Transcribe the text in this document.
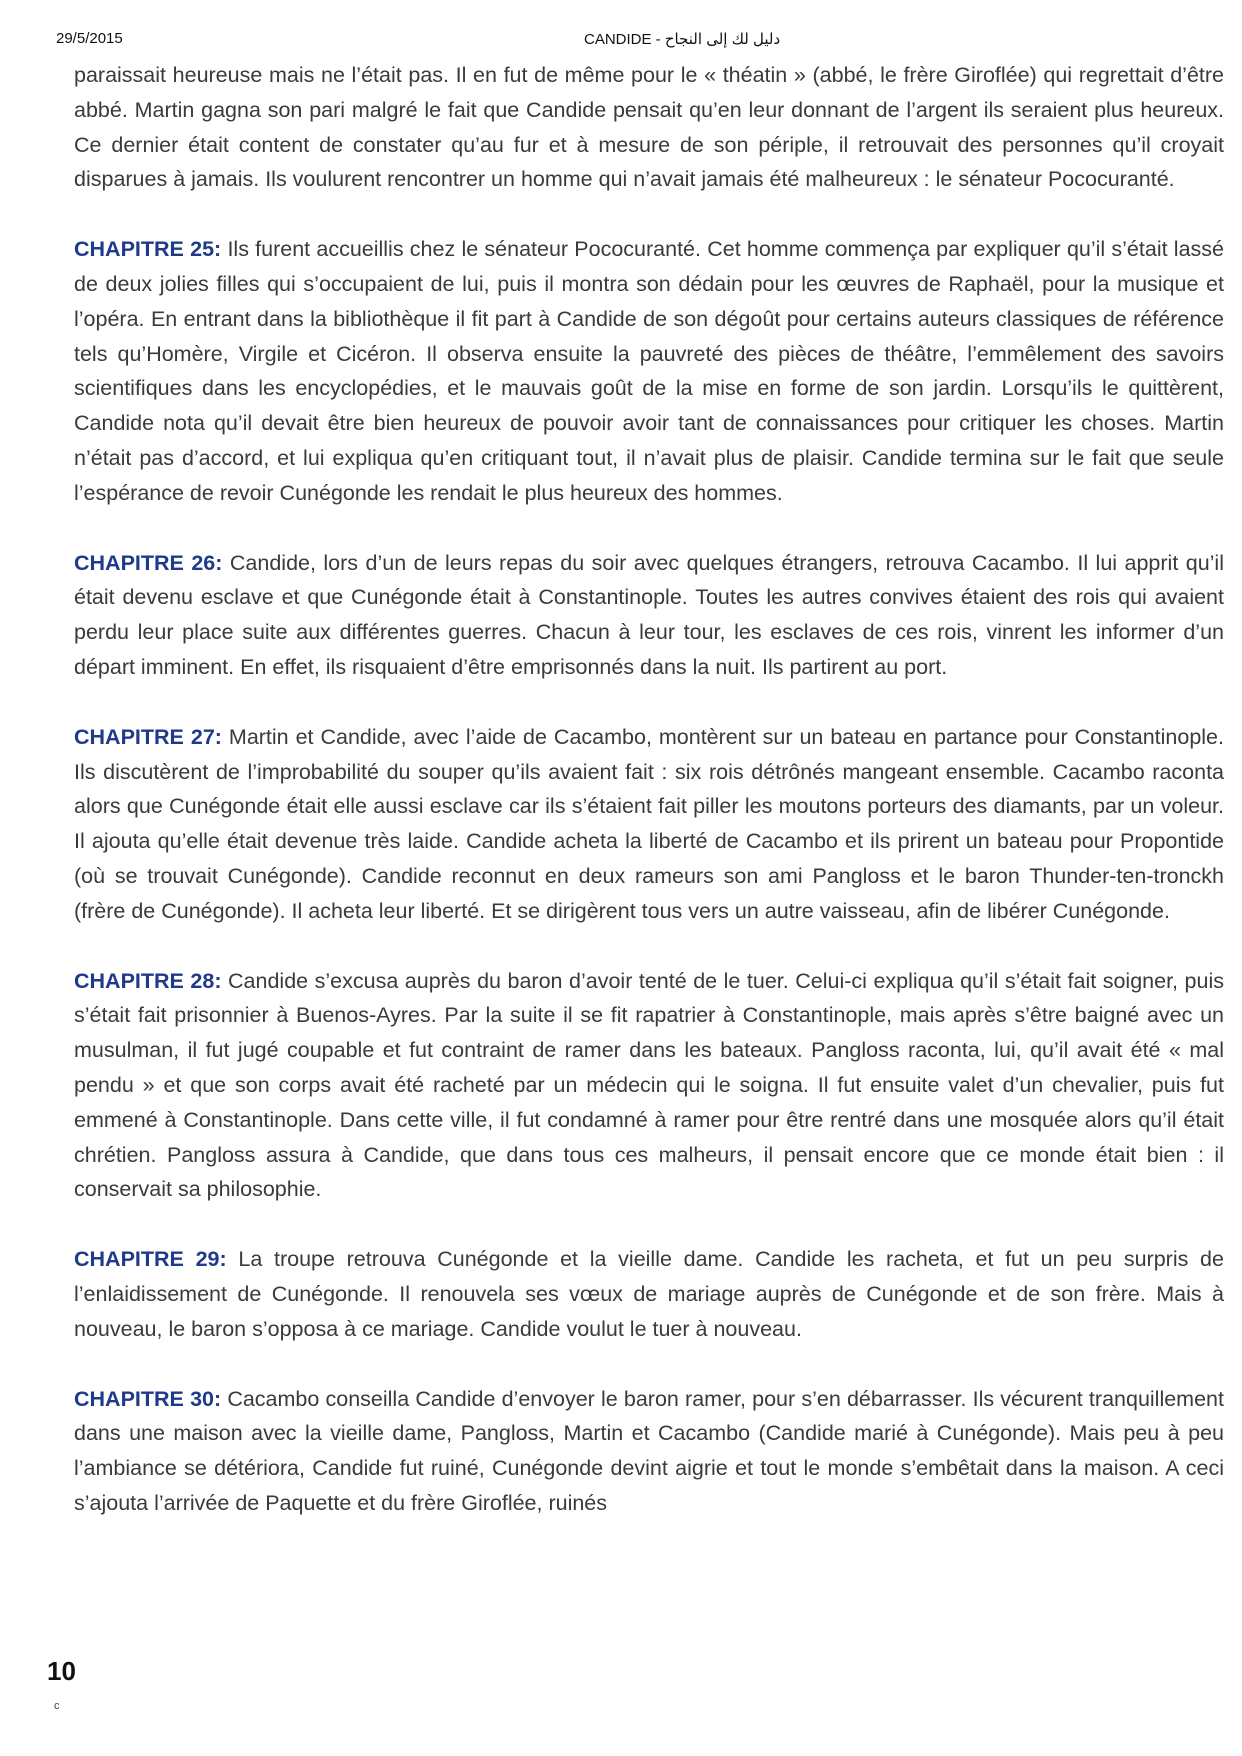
29/5/2015	CANDIDE - دليل لك إلى النجاح

paraissait heureuse mais ne l’était pas. Il en fut de même pour le « théatin » (abbé, le frère Giroflée) qui regrettait d’être abbé. Martin gagna son pari malgré le fait que Candide pensait qu’en leur donnant de l’argent ils seraient plus heureux. Ce dernier était content de constater qu’au fur et à mesure de son périple, il retrouvait des personnes qu’il croyait disparues à jamais. Ils voulurent rencontrer un homme qui n’avait jamais été malheureux : le sénateur Pococuranté.

CHAPITRE 25: Ils furent accueillis chez le sénateur Pococuranté. Cet homme commença par expliquer qu’il s’était lassé de deux jolies filles qui s’occupaient de lui, puis il montra son dédain pour les œuvres de Raphaël, pour la musique et l’opéra. En entrant dans la bibliothèque il fit part à Candide de son dégoût pour certains auteurs classiques de référence tels qu’Homère, Virgile et Cicéron. Il observa ensuite la pauvreté des pièces de théâtre, l’emmêlement des savoirs scientifiques dans les encyclopédies, et le mauvais goût de la mise en forme de son jardin. Lorsqu’ils le quittèrent, Candide nota qu’il devait être bien heureux de pouvoir avoir tant de connaissances pour critiquer les choses. Martin n’était pas d’accord, et lui expliqua qu’en critiquant tout, il n’avait plus de plaisir. Candide termina sur le fait que seule l’espérance de revoir Cunégonde les rendait le plus heureux des hommes.

CHAPITRE 26: Candide, lors d’un de leurs repas du soir avec quelques étrangers, retrouva Cacambo. Il lui apprit qu’il était devenu esclave et que Cunégonde était à Constantinople. Toutes les autres convives étaient des rois qui avaient perdu leur place suite aux différentes guerres. Chacun à leur tour, les esclaves de ces rois, vinrent les informer d’un départ imminent. En effet, ils risquaient d’être emprisonnés dans la nuit. Ils partirent au port.

CHAPITRE 27: Martin et Candide, avec l’aide de Cacambo, montèrent sur un bateau en partance pour Constantinople. Ils discutèrent de l’improbabilité du souper qu’ils avaient fait : six rois détrônés mangeant ensemble. Cacambo raconta alors que Cunégonde était elle aussi esclave car ils s’étaient fait piller les moutons porteurs des diamants, par un voleur. Il ajouta qu’elle était devenue très laide. Candide acheta la liberté de Cacambo et ils prirent un bateau pour Propontide (où se trouvait Cunégonde). Candide reconnut en deux rameurs son ami Pangloss et le baron Thunder-ten-tronckh (frère de Cunégonde). Il acheta leur liberté. Et se dirigèrent tous vers un autre vaisseau, afin de libérer Cunégonde.

CHAPITRE 28: Candide s’excusa auprès du baron d’avoir tenté de le tuer. Celui-ci expliqua qu’il s’était fait soigner, puis s’était fait prisonnier à Buenos-Ayres. Par la suite il se fit rapatrier à Constantinople, mais après s’être baigné avec un musulman, il fut jugé coupable et fut contraint de ramer dans les bateaux. Pangloss raconta, lui, qu’il avait été « mal pendu » et que son corps avait été racheté par un médecin qui le soigna. Il fut ensuite valet d’un chevalier, puis fut emmené à Constantinople. Dans cette ville, il fut condamné à ramer pour être rentré dans une mosquée alors qu’il était chrétien. Pangloss assura à Candide, que dans tous ces malheurs, il pensait encore que ce monde était bien : il conservait sa philosophie.

CHAPITRE 29: La troupe retrouva Cunégonde et la vieille dame. Candide les racheta, et fut un peu surpris de l’enlaidissement de Cunégonde. Il renouvela ses vœux de mariage auprès de Cunégonde et de son frère. Mais à nouveau, le baron s’opposa à ce mariage. Candide voulut le tuer à nouveau.

CHAPITRE 30: Cacambo conseilla Candide d’envoyer le baron ramer, pour s’en débarrasser. Ils vécurent tranquillement dans une maison avec la vieille dame, Pangloss, Martin et Cacambo (Candide marié à Cunégonde). Mais peu à peu l’ambiance se détériora, Candide fut ruiné, Cunégonde devint aigrie et tout le monde s’embêtait dans la maison. A ceci s’ajouta l’arrivée de Paquette et du frère Giroflée, ruinés

10
c
